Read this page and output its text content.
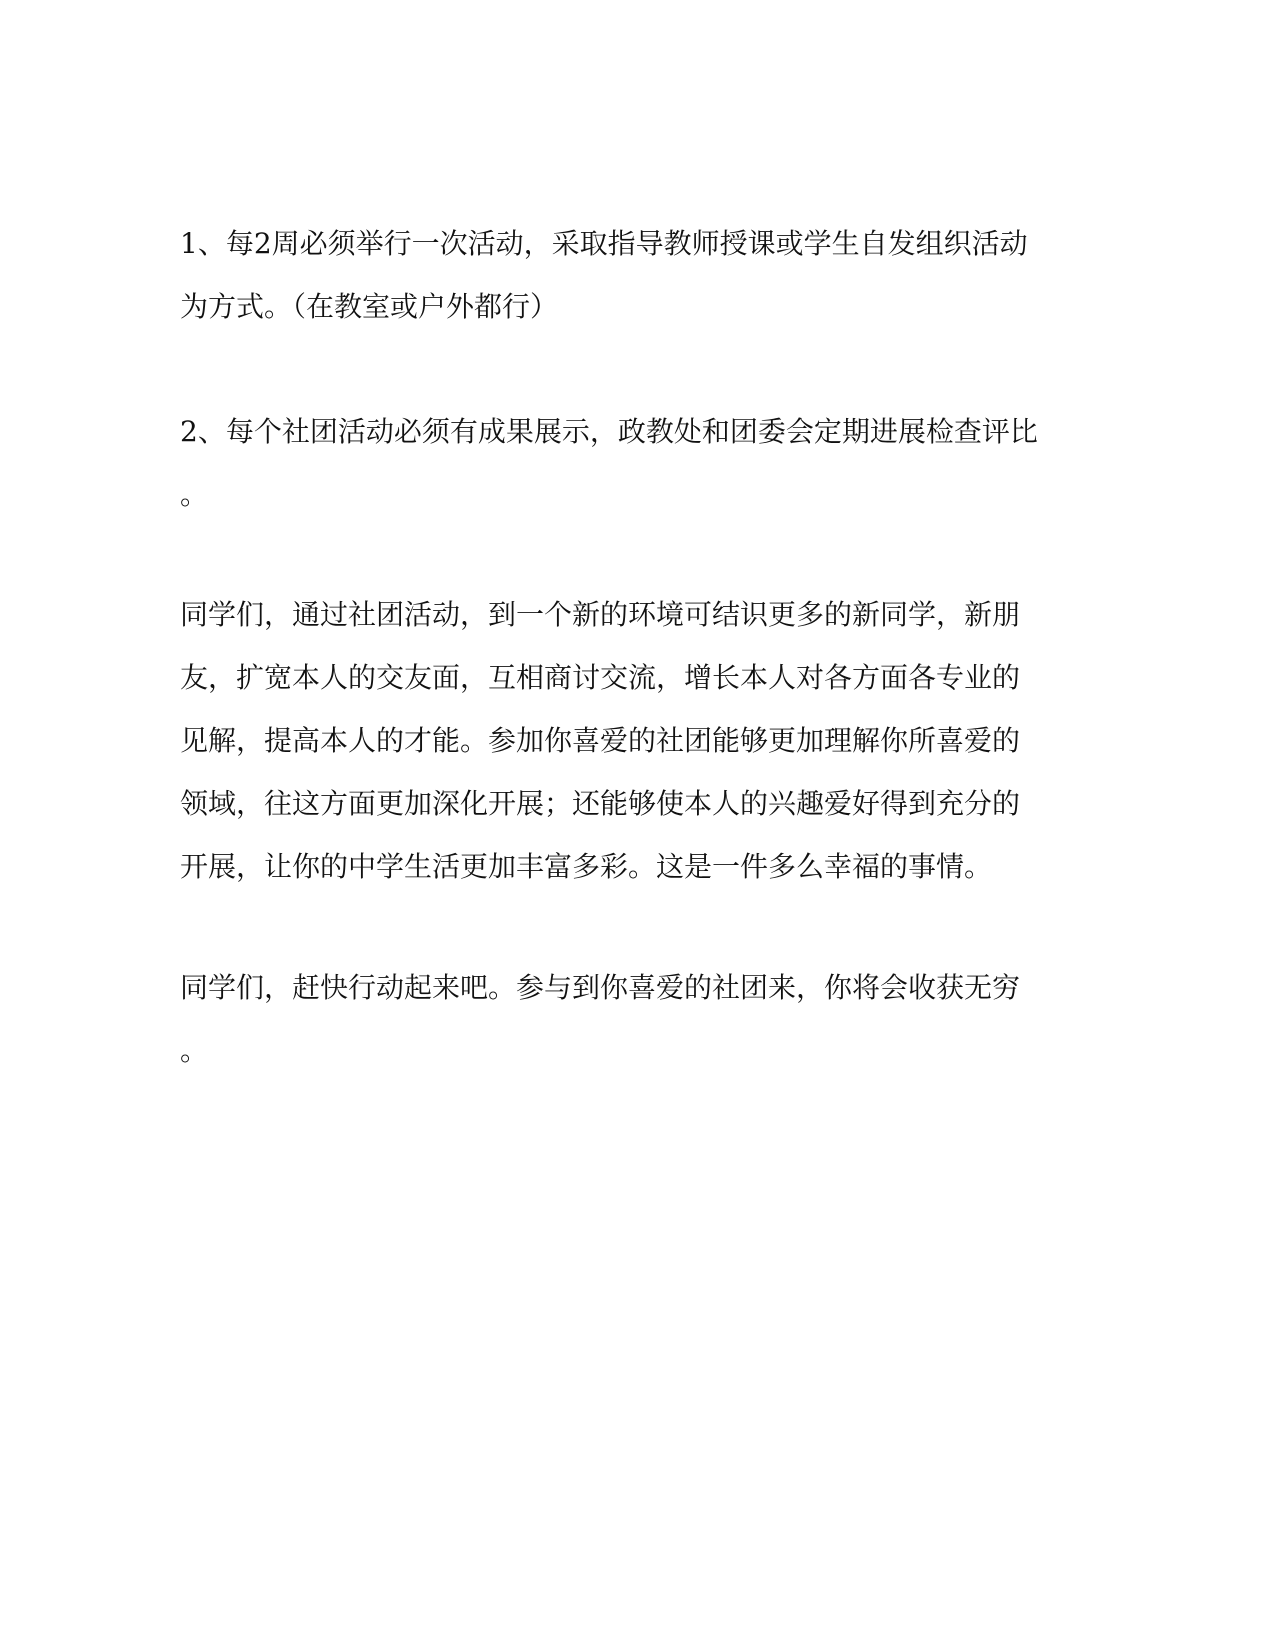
1、每2周必须举行一次活动，采取指导教师授课或学生自发组织活动
为方式。（在教室或户外都行）

2、每个社团活动必须有成果展示，政教处和团委会定期进展检查评比
。

同学们，通过社团活动，到一个新的环境可结识更多的新同学，新朋
友，扩宽本人的交友面，互相商讨交流，增长本人对各方面各专业的
见解，提高本人的才能。参加你喜爱的社团能够更加理解你所喜爱的
领域，往这方面更加深化开展；还能够使本人的兴趣爱好得到充分的
开展，让你的中学生活更加丰富多彩。这是一件多么幸福的事情。

同学们，赶快行动起来吧。参与到你喜爱的社团来，你将会收获无穷
。
